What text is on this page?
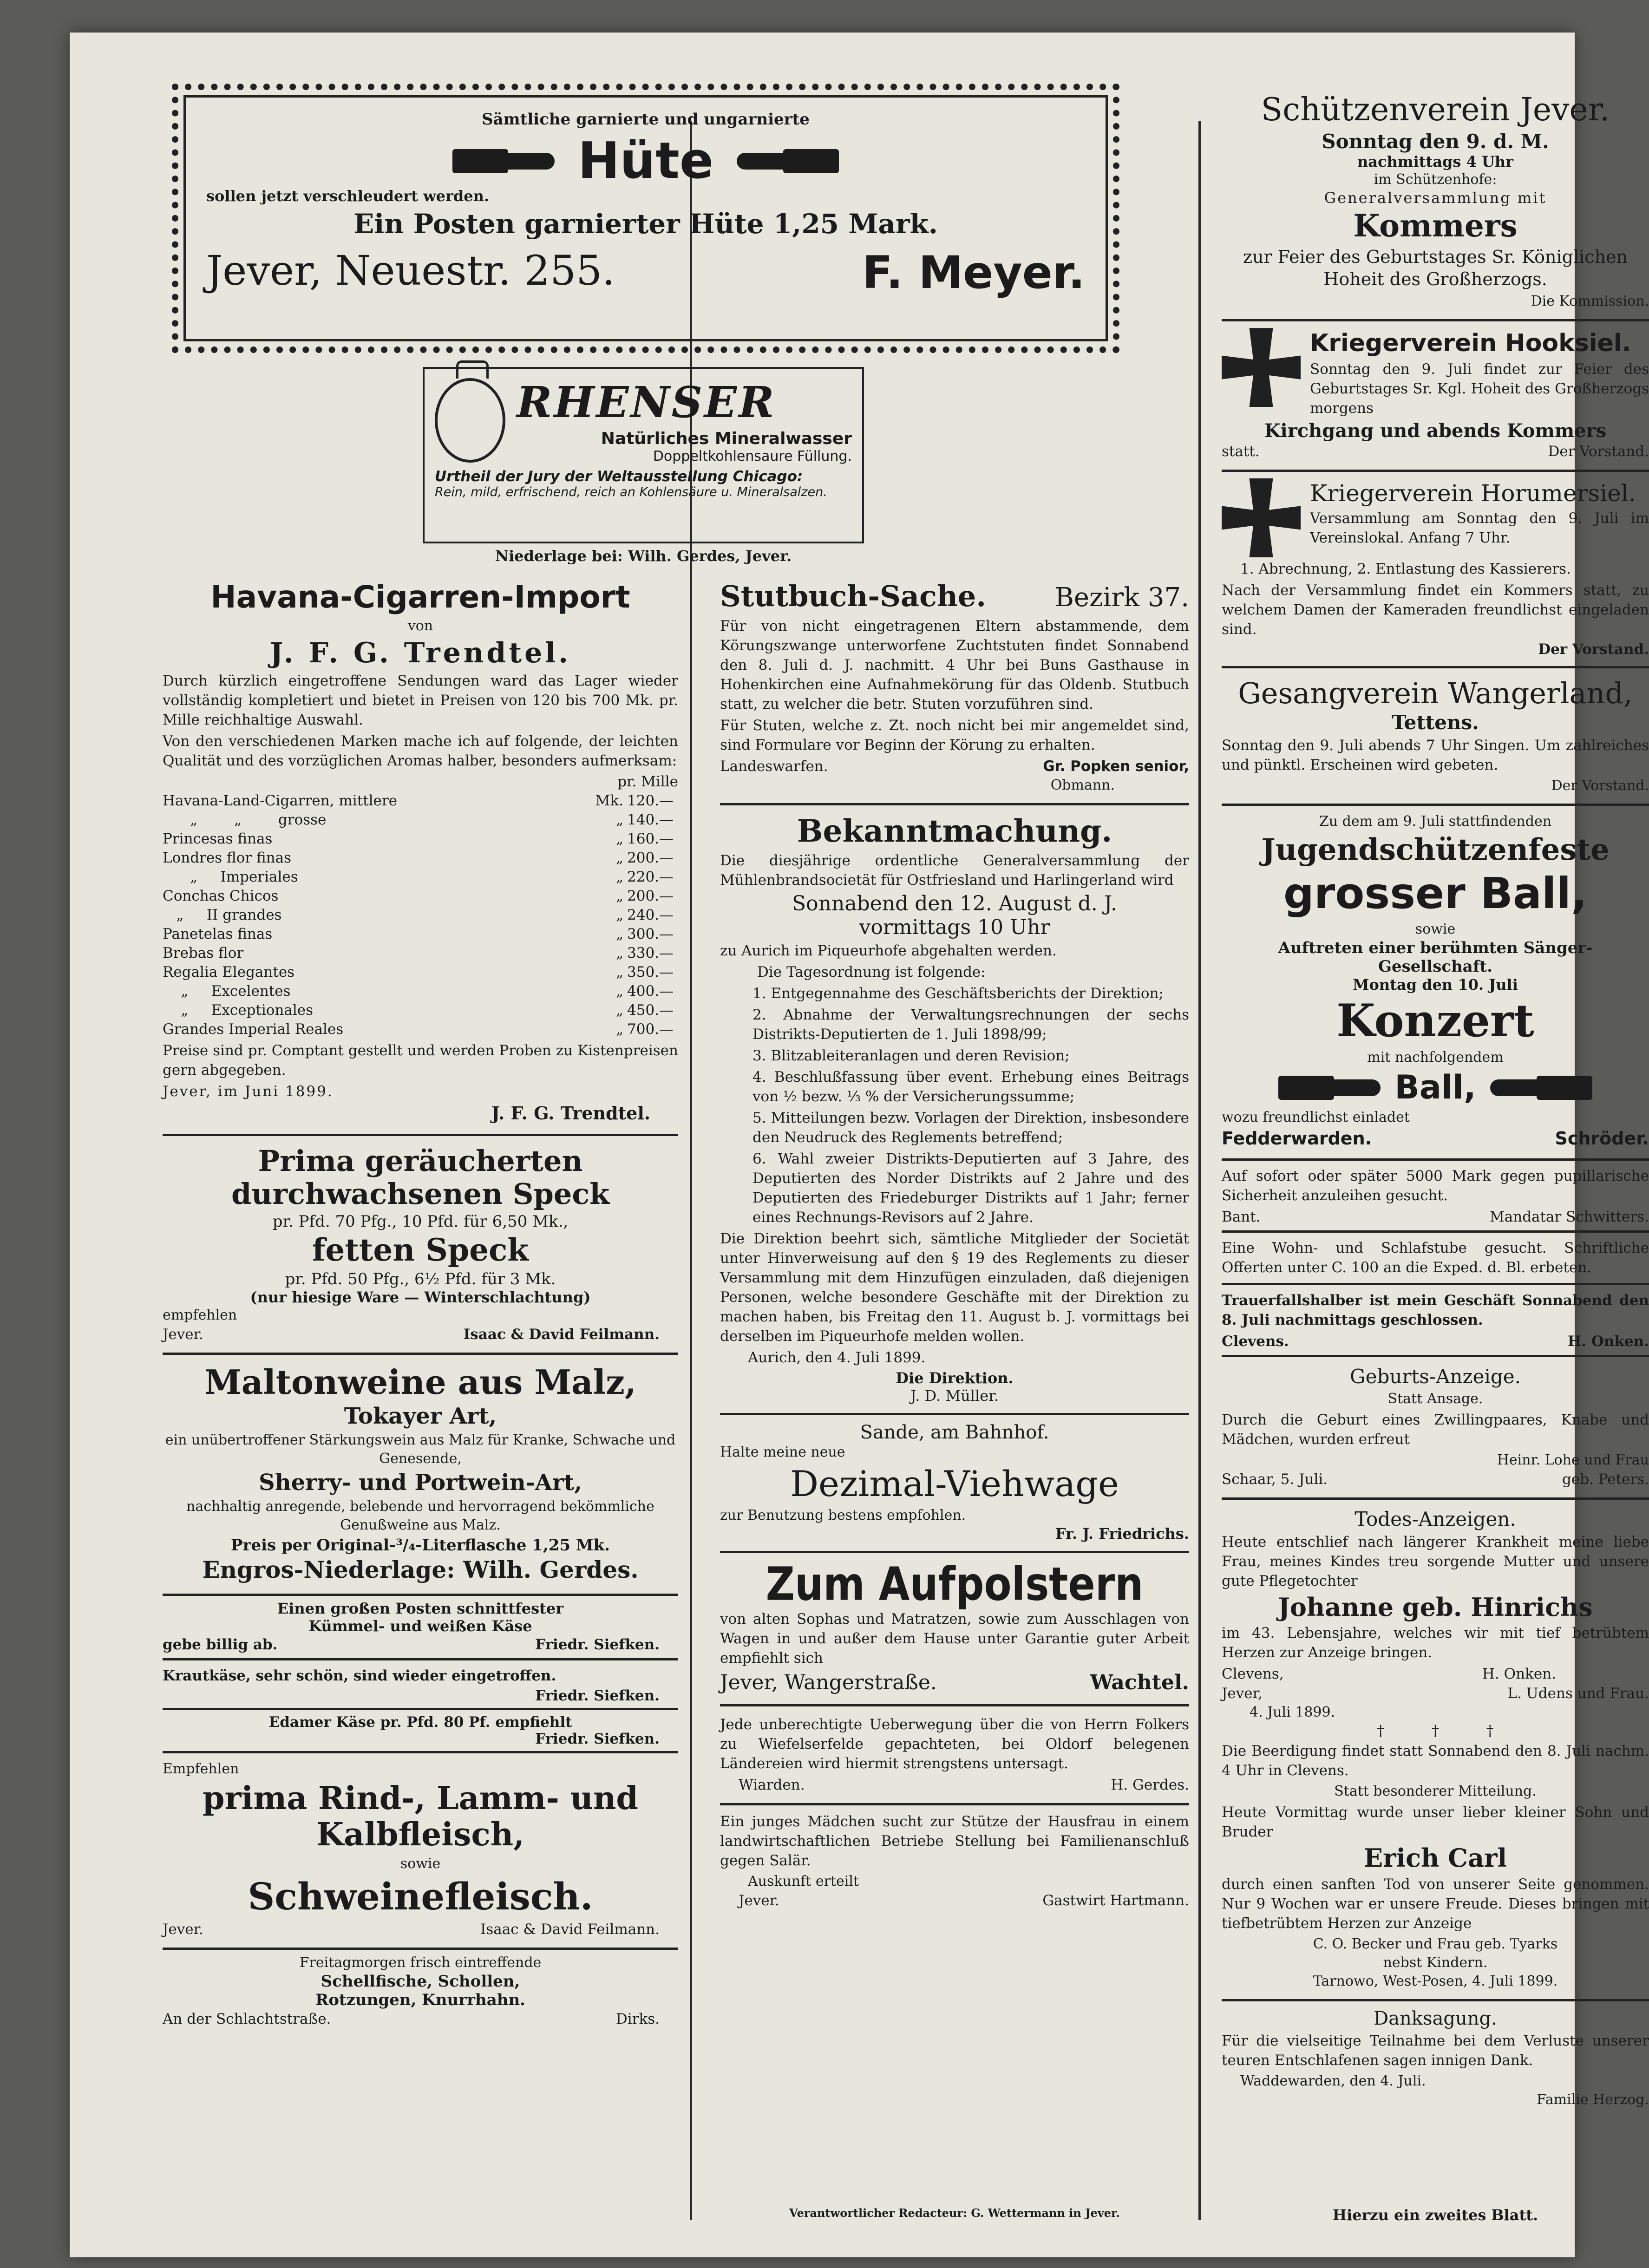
Sämtliche garnierte und ungarnierte
Hüte
sollen jetzt verschleudert werden.
Ein Posten garnierter Hüte 1,25 Mark.
Jever, Neuestr. 255.	F. Meyer.
RHENSER
Natürliches Mineralwasser
Doppeltkohlensaure Füllung.
Urtheil der Jury der Weltausstellung Chicago:
Rein, mild, erfrischend, reich an Kohlensäure u. Mineralsalzen.
Niederlage bei: Wilh. Gerdes, Jever.
Havana-Cigarren-Import
von
J. F. G. Trendtel.

Durch kürzlich eingetroffene Sendungen ward das Lager wieder vollständig kompletiert und bietet in Preisen von 120 bis 700 Mk. pr. Mille reichhaltige Auswahl.

Von den verschiedenen Marken mache ich auf folgende, der leichten Qualität und des vorzüglichen Aromas halber, besonders aufmerksam:

pr. Mille
Havana-Land-Cigarren, mittlere	Mk. 120.—
„        „        grosse	„ 140.—
Princesas finas	„ 160.—
Londres flor finas	„ 200.—
„     Imperiales	„ 220.—
Conchas Chicos	„ 200.—
„     II grandes	„ 240.—
Panetelas finas	„ 300.—
Brebas flor	„ 330.—
Regalia Elegantes	„ 350.—
„     Excelentes	„ 400.—
„     Exceptionales	„ 450.—
Grandes Imperial Reales	„ 700.—

Preise sind pr. Comptant gestellt und werden Proben zu Kistenpreisen gern abgegeben.

Jever, im Juni 1899.

J. F. G. Trendtel.
Prima geräucherten durchwachsenen Speck
pr. Pfd. 70 Pfg., 10 Pfd. für 6,50 Mk.,
fetten Speck
pr. Pfd. 50 Pfg., 6½ Pfd. für 3 Mk.
(nur hiesige Ware — Winterschlachtung)
empfehlen
Jever.	Isaac & David Feilmann.
Maltonweine aus Malz,
Tokayer Art,

ein unübertroffener Stärkungswein aus Malz für Kranke, Schwache und Genesende,

Sherry- und Portwein-Art,

nachhaltig anregende, belebende und hervorragend bekömmliche Genußweine aus Malz.

Preis per Original-³/₄-Literflasche 1,25 Mk.
Engros-Niederlage: Wilh. Gerdes.
Einen großen Posten schnittfester
Kümmel- und weißen Käse
gebe billig ab.	Friedr. Siefken.

Krautkäse, sehr schön, sind wieder eingetroffen.

Friedr. Siefken.
Edamer Käse pr. Pfd. 80 Pf. empfiehlt
Friedr. Siefken.
Empfehlen
prima Rind-, Lamm- und Kalbfleisch,
sowie
Schweinefleisch.
Jever.	Isaac & David Feilmann.
Freitagmorgen frisch eintreffende
Schellfische, Schollen,
Rotzungen, Knurrhahn.
An der Schlachtstraße.	Dirks.
Stutbuch-Sache.	Bezirk 37.

Für von nicht eingetragenen Eltern abstammende, dem Körungszwange unterworfene Zuchtstuten findet Sonnabend den 8. Juli d. J. nachmitt. 4 Uhr bei Buns Gasthause in Hohenkirchen eine Aufnahmekörung für das Oldenb. Stutbuch statt, zu welcher die betr. Stuten vorzuführen sind.

Für Stuten, welche z. Zt. noch nicht bei mir angemeldet sind, sind Formulare vor Beginn der Körung zu erhalten.

Landeswarfen.	Gr. Popken senior,
Obmann.
Bekanntmachung.

Die diesjährige ordentliche Generalversammlung der Mühlenbrandsocietät für Ostfriesland und Harlingerland wird

Sonnabend den 12. August d. J.
vormittags 10 Uhr

zu Aurich im Piqueurhofe abgehalten werden.

Die Tagesordnung ist folgende:

1. Entgegennahme des Geschäftsberichts der Direktion;

2. Abnahme der Verwaltungsrechnungen der sechs Distrikts-Deputierten de 1. Juli 1898/99;

3. Blitzableiteranlagen und deren Revision;

4. Beschlußfassung über event. Erhebung eines Beitrags von ½ bezw. ⅓ % der Versicherungssumme;

5. Mitteilungen bezw. Vorlagen der Direktion, insbesondere den Neudruck des Reglements betreffend;

6. Wahl zweier Distrikts-Deputierten auf 3 Jahre, des Deputierten des Norder Distrikts auf 2 Jahre und des Deputierten des Friedeburger Distrikts auf 1 Jahr; ferner eines Rechnungs-Revisors auf 2 Jahre.

Die Direktion beehrt sich, sämtliche Mitglieder der Societät unter Hinverweisung auf den § 19 des Reglements zu dieser Versammlung mit dem Hinzufügen einzuladen, daß diejenigen Personen, welche besondere Geschäfte mit der Direktion zu machen haben, bis Freitag den 11. August b. J. vormittags bei derselben im Piqueurhofe melden wollen.

Aurich, den 4. Juli 1899.

Die Direktion.
J. D. Müller.
Sande, am Bahnhof.
Halte meine neue
Dezimal-Viehwage
zur Benutzung bestens empfohlen.
Fr. J. Friedrichs.
Zum Aufpolstern

von alten Sophas und Matratzen, sowie zum Ausschlagen von Wagen in und außer dem Hause unter Garantie guter Arbeit empfiehlt sich

Jever, Wangerstraße.	Wachtel.

Jede unberechtigte Ueberwegung über die von Herrn Folkers zu Wiefelserfelde gepachteten, bei Oldorf belegenen Ländereien wird hiermit strengstens untersagt.

Wiarden.	H. Gerdes.

Ein junges Mädchen sucht zur Stütze der Hausfrau in einem landwirtschaftlichen Betriebe Stellung bei Familienanschluß gegen Salär.

Auskunft erteilt
Jever.	Gastwirt Hartmann.
Verantwortlicher Redacteur: G. Wettermann in Jever.
Schützenverein Jever.
Sonntag den 9. d. M.
nachmittags 4 Uhr
im Schützenhofe:
Generalversammlung mit
Kommers

zur Feier des Geburtstages Sr. Königlichen Hoheit des Großherzogs.

Die Kommission.
Kriegerverein Hooksiel.

Sonntag den 9. Juli findet zur Feier des Geburtstages Sr. Kgl. Hoheit des Großherzogs morgens

Kirchgang und abends Kommers
statt.	Der Vorstand.
Kriegerverein Horumersiel.

Versammlung am Sonntag den 9. Juli im Vereinslokal. Anfang 7 Uhr.

1. Abrechnung, 2. Entlastung des Kassierers.

Nach der Versammlung findet ein Kommers statt, zu welchem Damen der Kameraden freundlichst eingeladen sind.

Der Vorstand.
Gesangverein Wangerland,
Tettens.

Sonntag den 9. Juli abends 7 Uhr Singen. Um zahlreiches und pünktl. Erscheinen wird gebeten.

Der Vorstand.
Zu dem am 9. Juli stattfindenden
Jugendschützenfeste
grosser Ball,
sowie
Auftreten einer berühmten Sänger-Gesellschaft.
Montag den 10. Juli
Konzert
mit nachfolgendem
Ball,
wozu freundlichst einladet
Fedderwarden.	Schröder.

Auf sofort oder später 5000 Mark gegen pupillarische Sicherheit anzuleihen gesucht.

Bant.	Mandatar Schwitters.

Eine Wohn- und Schlafstube gesucht. Schriftliche Offerten unter C. 100 an die Exped. d. Bl. erbeten.

Trauerfallshalber ist mein Geschäft Sonnabend den 8. Juli nachmittags geschlossen.

Clevens.	H. Onken.
Geburts-Anzeige.
Statt Ansage.

Durch die Geburt eines Zwillingpaares, Knabe und Mädchen, wurden erfreut

Heinr. Lohe und Frau
Schaar, 5. Juli.	geb. Peters.
Todes-Anzeigen.

Heute entschlief nach längerer Krankheit meine liebe Frau, meines Kindes treu sorgende Mutter und unsere gute Pflegetochter

Johanne geb. Hinrichs

im 43. Lebensjahre, welches wir mit tief betrübtem Herzen zur Anzeige bringen.

Clevens,	H. Onken.
Jever,	L. Udens und Frau.
4. Juli 1899.
†          †          †

Die Beerdigung findet statt Sonnabend den 8. Juli nachm. 4 Uhr in Clevens.

Statt besonderer Mitteilung.

Heute Vormittag wurde unser lieber kleiner Sohn und Bruder

Erich Carl

durch einen sanften Tod von unserer Seite genommen. Nur 9 Wochen war er unsere Freude. Dieses bringen mit tiefbetrübtem Herzen zur Anzeige

C. O. Becker und Frau geb. Tyarks
nebst Kindern.
Tarnowo, West-Posen, 4. Juli 1899.
Danksagung.

Für die vielseitige Teilnahme bei dem Verluste unserer teuren Entschlafenen sagen innigen Dank.

Waddewarden, den 4. Juli.
Familie Herzog.
Hierzu ein zweites Blatt.
